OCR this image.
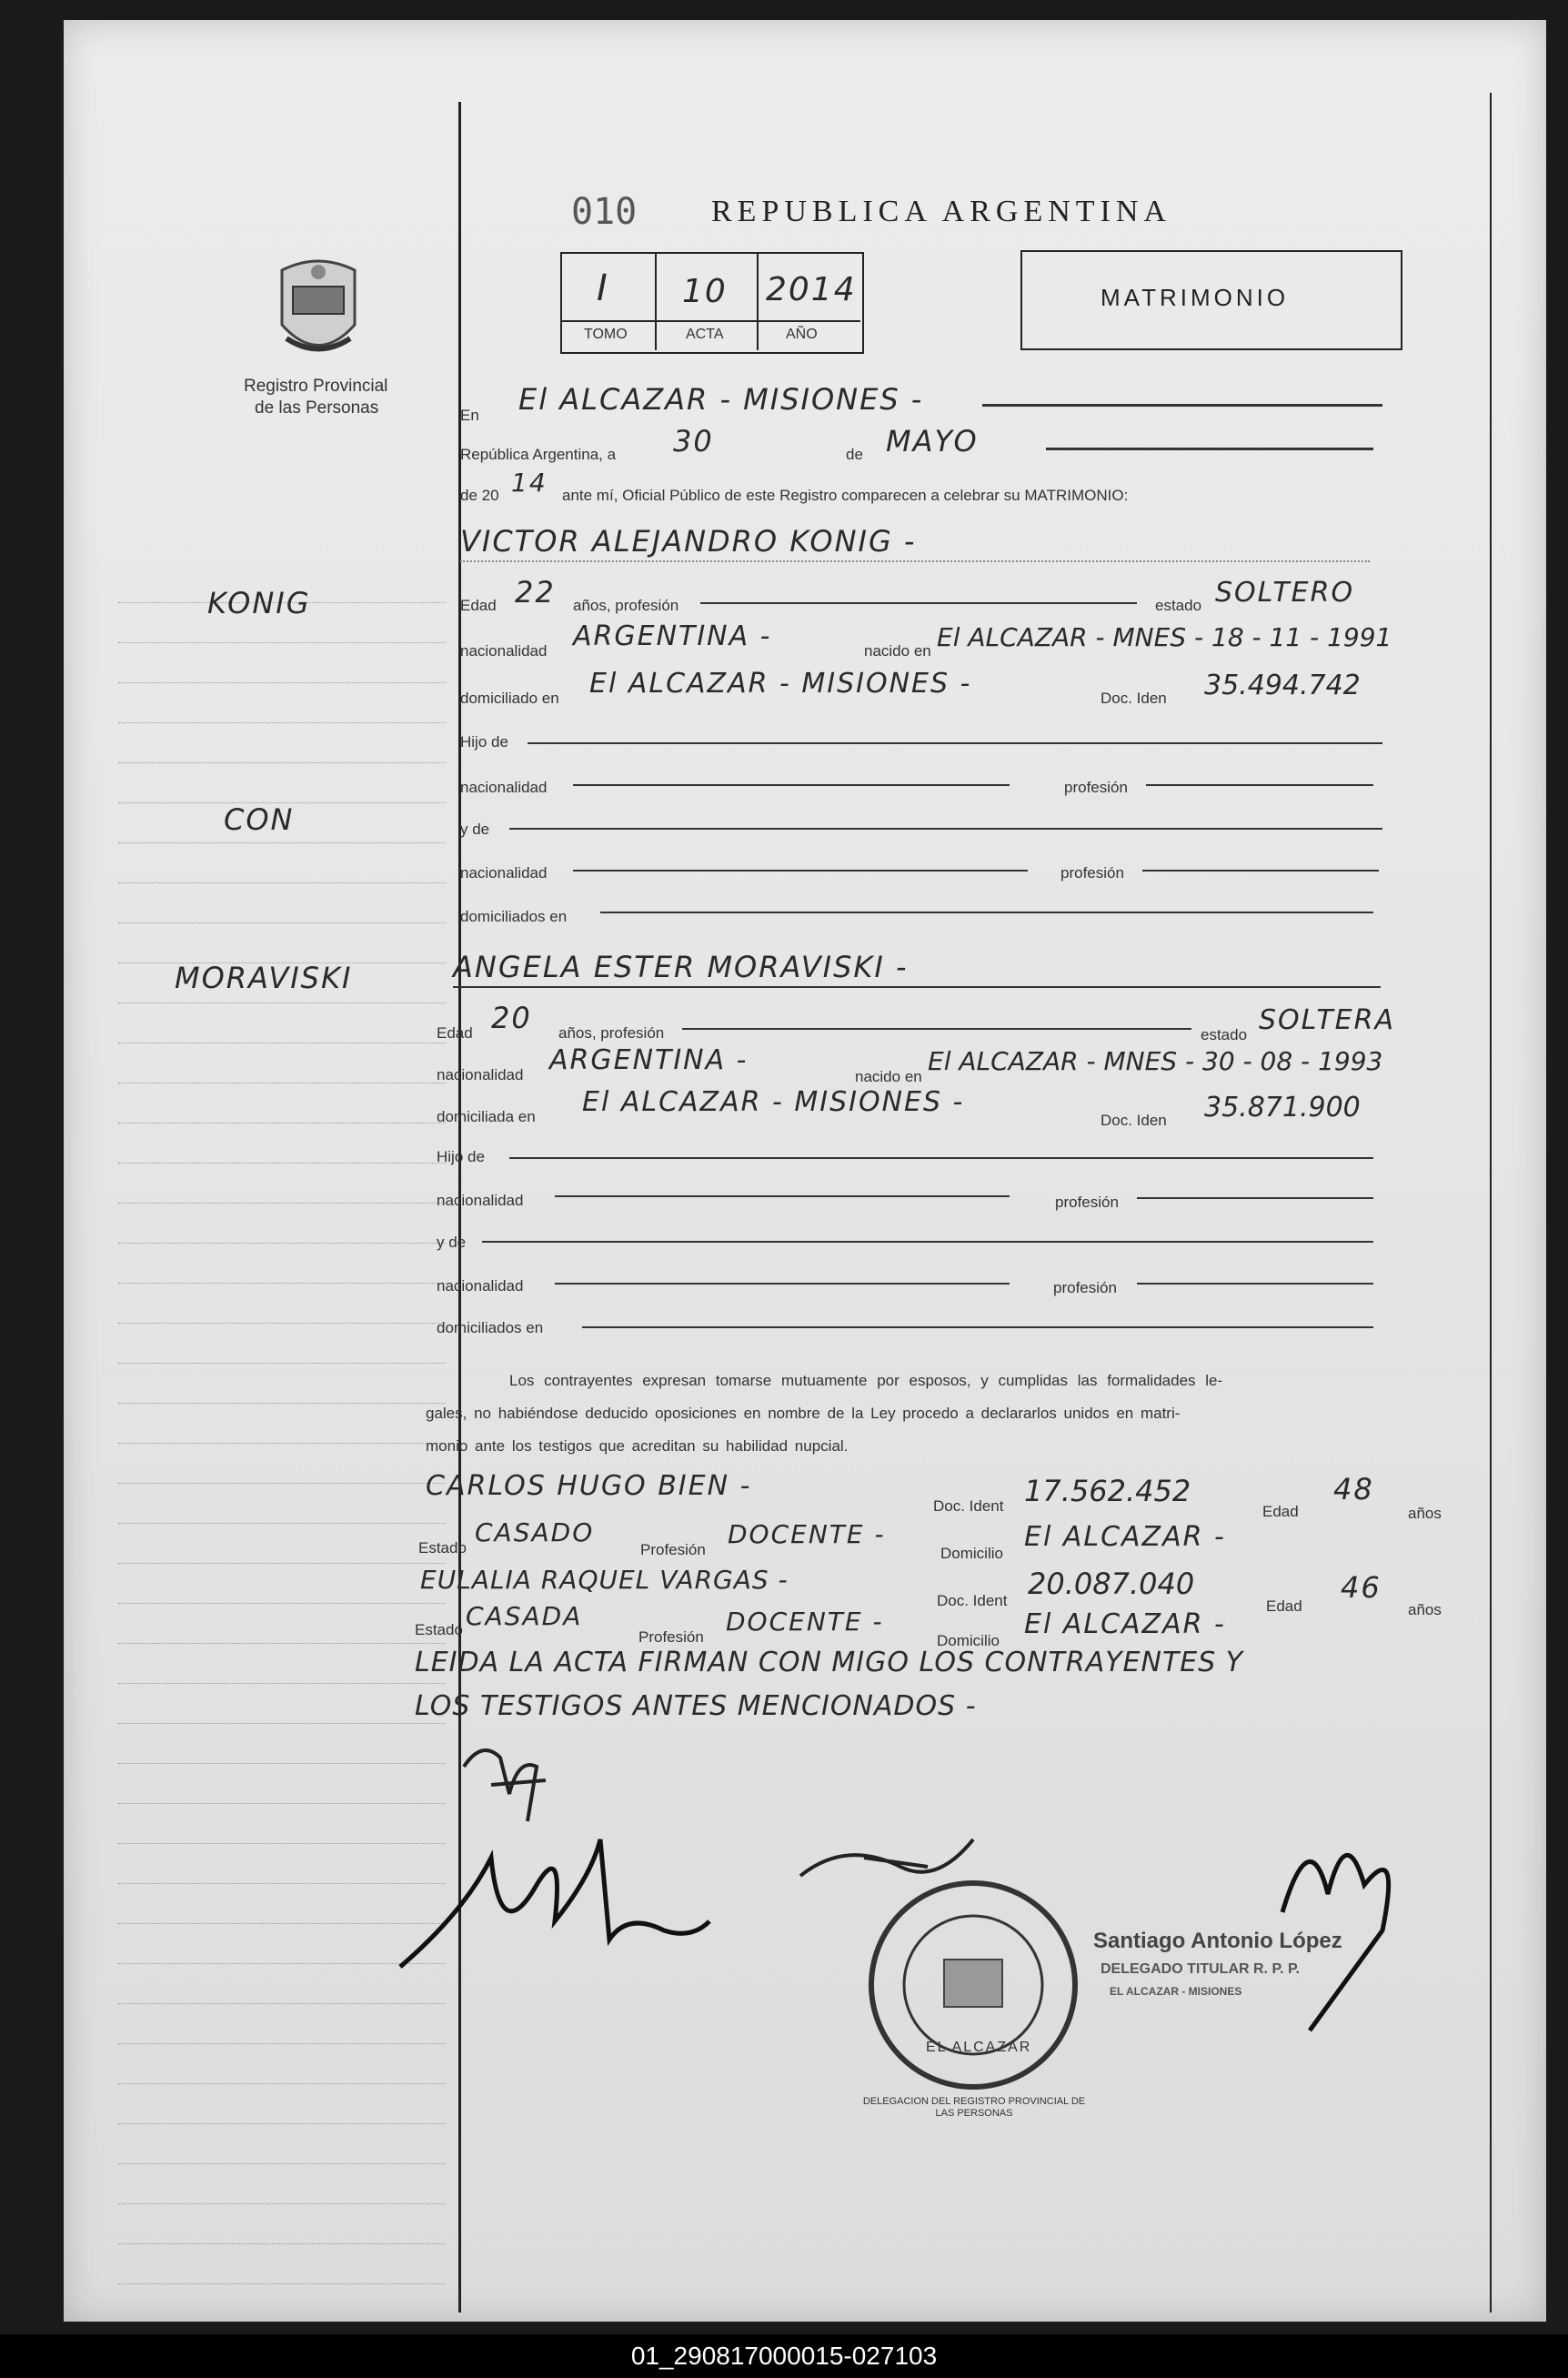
Registro Provincial
de las Personas
010 REPUBLICA ARGENTINA
I 10 2014
TOMO	ACTA	AÑO
MATRIMONIO
KONIG
CON
MORAVISKI
En El ALCAZAR - MISIONES -
República Argentina, a 30	de MAYO
de 20 14 ante mí, Oficial Público de este Registro comparecen a celebrar su MATRIMONIO:
VICTOR ALEJANDRO KONIG -
Edad 22 años, profesión	estado SOLTERO
nacionalidad ARGENTINA -	nacido en El ALCAZAR - MNES - 18 - 11 - 1991
domiciliado en El ALCAZAR - MISIONES -	Doc. Iden 35.494.742
Hijo de
nacionalidad	profesión
y de
nacionalidad	profesión
domiciliados en
ANGELA ESTER MORAVISKI -
Edad 20 años, profesión	estado SOLTERA
nacionalidad ARGENTINA -
nacido en
El ALCAZAR - MNES - 30 - 08 - 1993
domiciliada en El ALCAZAR - MISIONES -
Doc. Iden 35.871.900
Hijo de
nacionalidad	profesión
y de
nacionalidad	profesión
domiciliados en
Los contrayentes expresan tomarse mutuamente por esposos, y cumplidas las formalidades le-
gales, no habiéndose deducido oposiciones en nombre de la Ley procedo a declararlos unidos en matri-
monio ante los testigos que acreditan su habilidad nupcial.
CARLOS HUGO BIEN -
Doc. Ident 17.562.452
Edad
48
años
Estado
CASADO
Profesión
DOCENTE -
Domicilio
El ALCAZAR -
EULALIA RAQUEL VARGAS -
Doc. Ident 20.087.040
Edad
46
años
Estado CASADA
Profesión
DOCENTE -
Domicilio
El ALCAZAR -
LEIDA LA ACTA FIRMAN CON MIGO LOS CONTRAYENTES Y
LOS TESTIGOS ANTES MENCIONADOS -
DELEGACION DEL REGISTRO PROVINCIAL DE LAS PERSONAS
EL ALCAZAR
Santiago Antonio López
DELEGADO TITULAR R. P. P.
EL ALCAZAR - MISIONES
01_290817000015-027103
